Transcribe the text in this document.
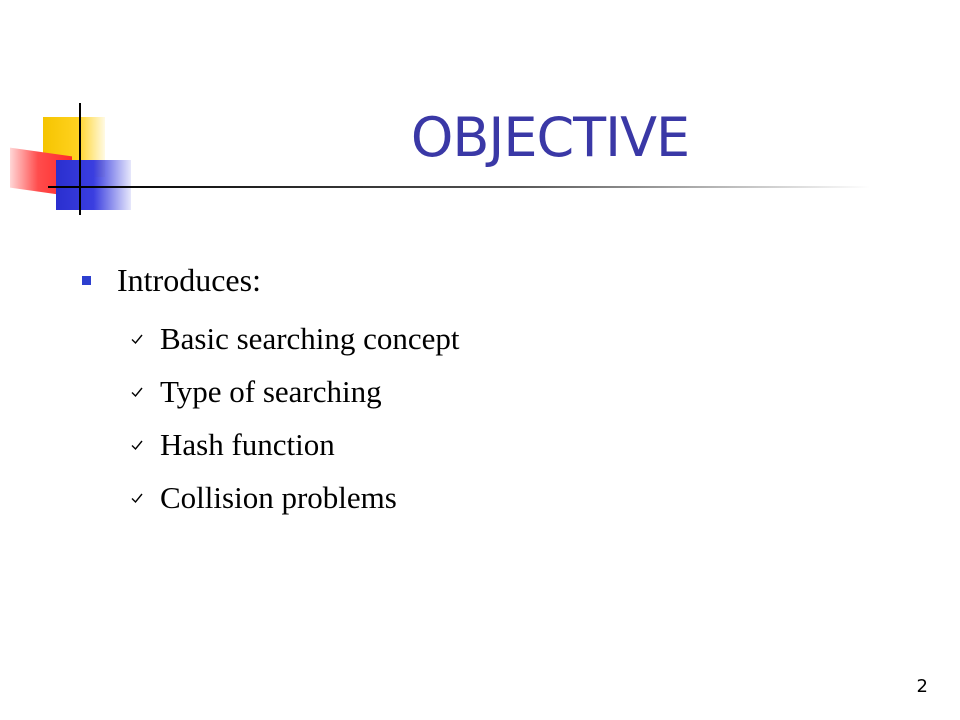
OBJECTIVE
Introduces:
Basic searching concept
Type of searching
Hash function
Collision problems
2
